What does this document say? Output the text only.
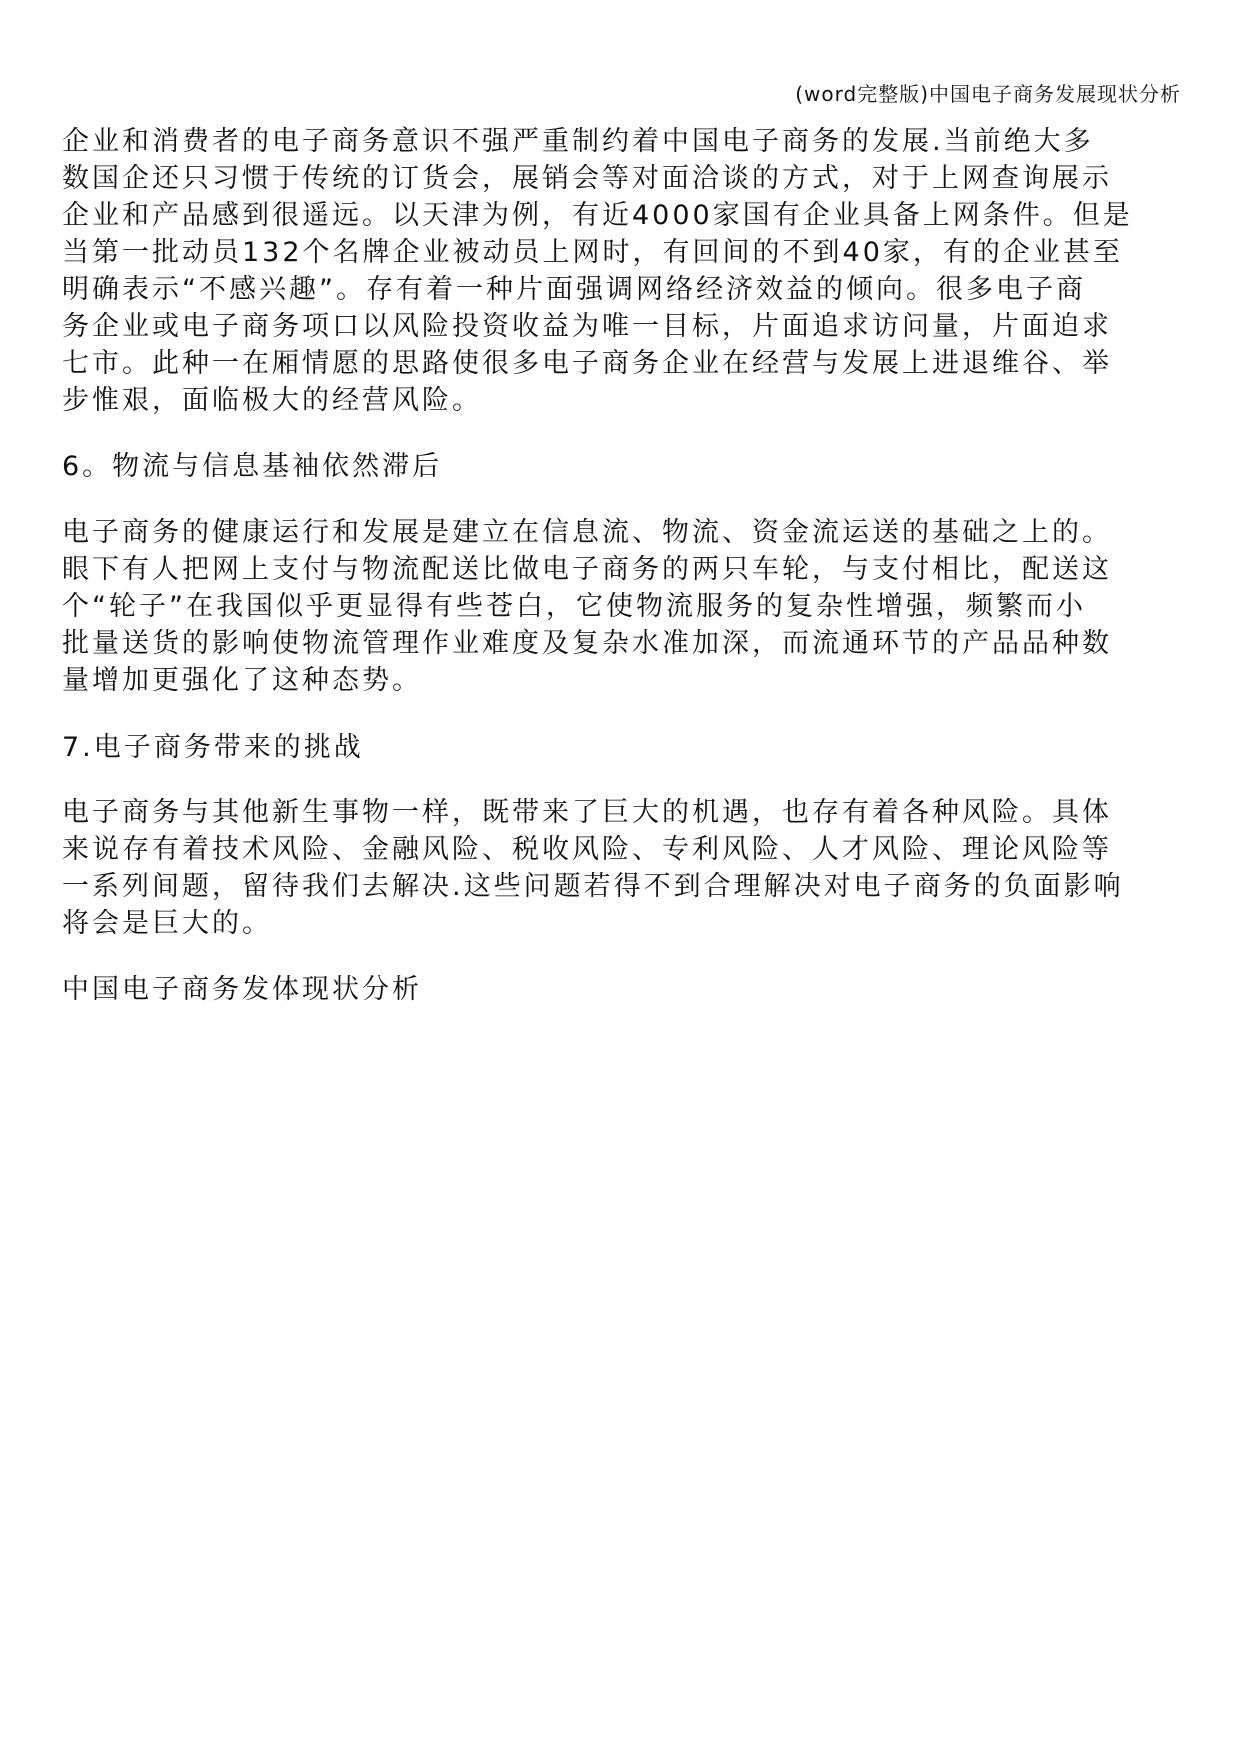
(word完整版)中国电子商务发展现状分析
企业和消费者的电子商务意识不强严重制约着中国电子商务的发展.当前绝大多
数国企还只习惯于传统的订货会，展销会等对面洽谈的方式，对于上网查询展示
企业和产品感到很遥远。以天津为例，有近4000家国有企业具备上网条件。但是
当第一批动员132个名牌企业被动员上网时，有回间的不到40家，有的企业甚至
明确表示“不感兴趣”。存有着一种片面强调网络经济效益的倾向。很多电子商
务企业或电子商务项口以风险投资收益为唯一目标，片面追求访问量，片面迫求
七市。此种一在厢情愿的思路使很多电子商务企业在经营与发展上进退维谷、举
步惟艰，面临极大的经营风险。
6。物流与信息基袖依然滞后
电子商务的健康运行和发展是建立在信息流、物流、资金流运送的基础之上的。
眼下有人把网上支付与物流配送比做电子商务的两只车轮，与支付相比，配送这
个“轮子”在我国似乎更显得有些苍白，它使物流服务的复杂性增强，频繁而小
批量送货的影响使物流管理作业难度及复杂水准加深，而流通环节的产品品种数
量增加更强化了这种态势。
7.电子商务带来的挑战
电子商务与其他新生事物一样，既带来了巨大的机遇，也存有着各种风险。具体
来说存有着技术风险、金融风险、税收风险、专利风险、人才风险、理论风险等
一系列间题，留待我们去解决.这些问题若得不到合理解决对电子商务的负面影响
将会是巨大的。
中国电子商务发体现状分析
